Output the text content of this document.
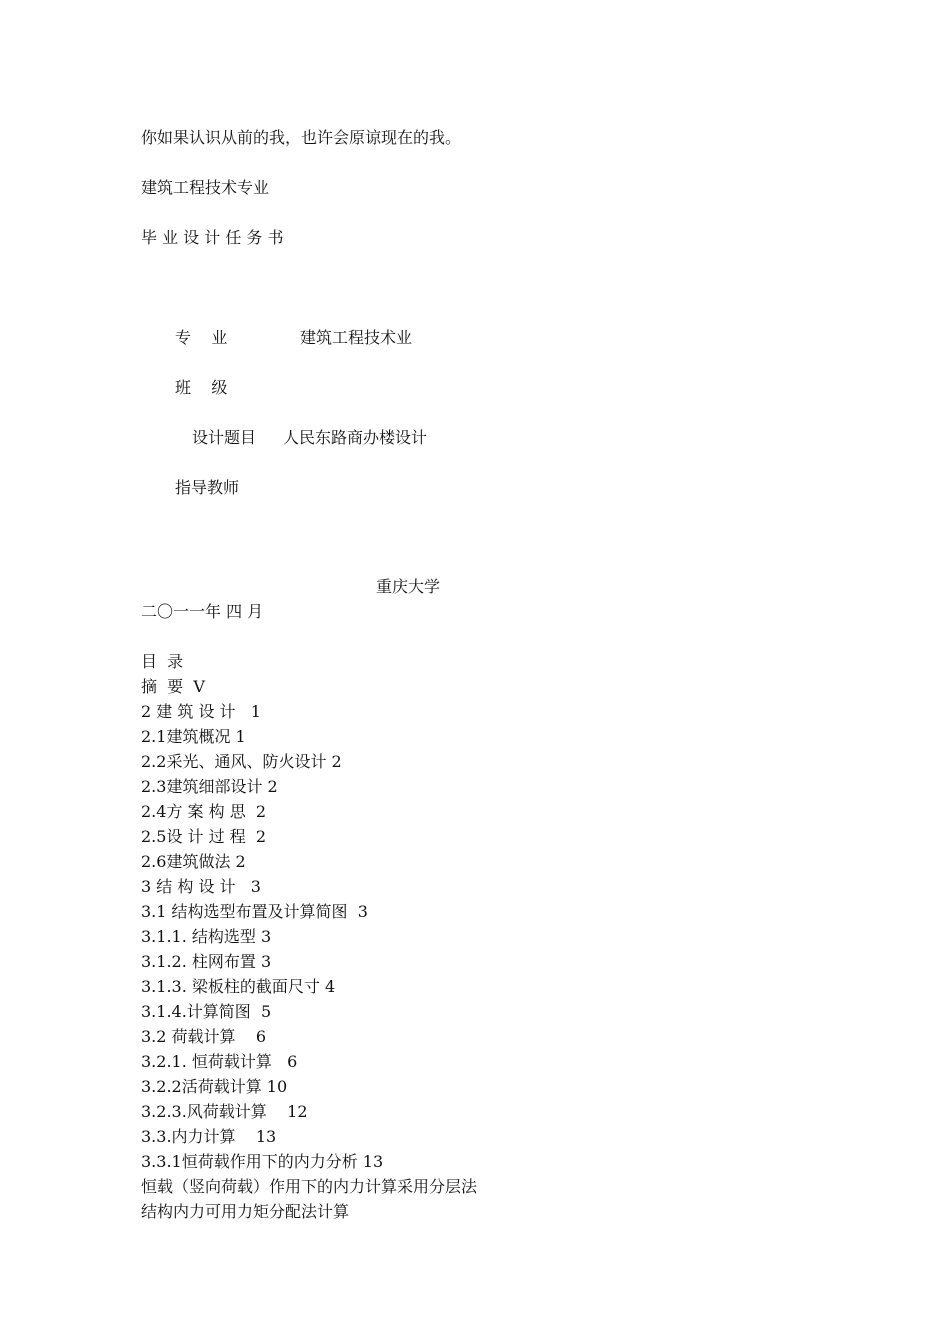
你如果认识从前的我，也许会原谅现在的我。
建筑工程技术专业
毕 业 设 计 任 务 书
专    业	建筑工程技术业
班    级
设计题目 人民东路商办楼设计
指导教师
重庆大学
二〇一一年 四 月
目  录
摘  要  V
2 建 筑 设 计   1
2.1建筑概况 1
2.2采光、通风、防火设计 2
2.3建筑细部设计 2
2.4方 案 构 思  2
2.5设 计 过 程  2
2.6建筑做法 2
3 结 构 设 计   3
3.1 结构选型布置及计算简图  3
3.1.1. 结构选型 3
3.1.2. 柱网布置 3
3.1.3. 梁板柱的截面尺寸 4
3.1.4.计算简图  5
3.2 荷载计算    6
3.2.1. 恒荷载计算   6
3.2.2活荷载计算 10
3.2.3.风荷载计算    12
3.3.内力计算    13
3.3.1恒荷载作用下的内力分析 13
恒载（竖向荷载）作用下的内力计算采用分层法
结构内力可用力矩分配法计算
